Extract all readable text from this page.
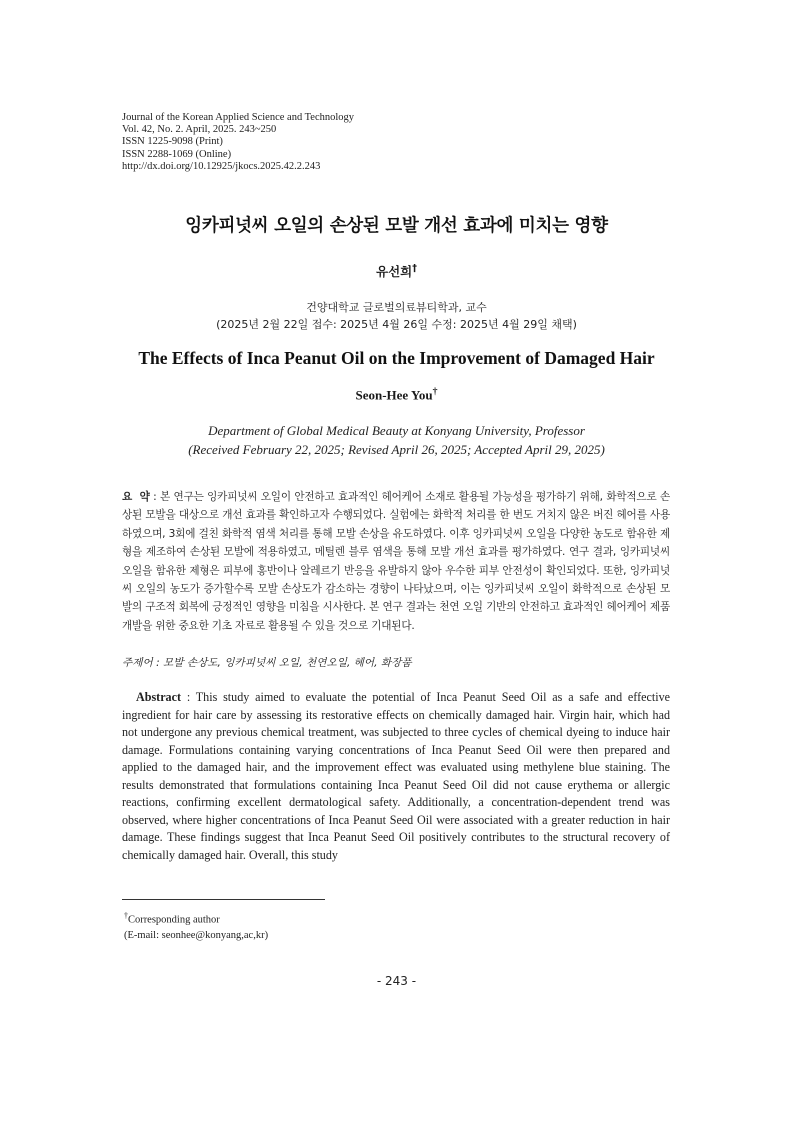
Journal of the Korean Applied Science and Technology
Vol. 42, No. 2. April, 2025. 243~250
ISSN 1225-9098 (Print)
ISSN 2288-1069 (Online)
http://dx.doi.org/10.12925/jkocs.2025.42.2.243
잉카피넛씨 오일의 손상된 모발 개선 효과에 미치는 영향
유선희†
건양대학교 글로벌의료뷰티학과, 교수
(2025년 2월 22일 접수: 2025년 4월 26일 수정: 2025년 4월 29일 채택)
The Effects of Inca Peanut Oil on the Improvement of Damaged Hair
Seon-Hee You†
Department of Global Medical Beauty at Konyang University, Professor
(Received February 22, 2025; Revised April 26, 2025; Accepted April 29, 2025)
요  약 : 본 연구는 잉카피넛씨 오일이 안전하고 효과적인 헤어케어 소재로 활용될 가능성을 평가하기 위해, 화학적으로 손상된 모발을 대상으로 개선 효과를 확인하고자 수행되었다. 실험에는 화학적 처리를 한 번도 거치지 않은 버진 헤어를 사용하였으며, 3회에 걸친 화학적 염색 처리를 통해 모발 손상을 유도하였다. 이후 잉카피넛씨 오일을 다양한 농도로 함유한 제형을 제조하여 손상된 모발에 적용하였고, 메틸렌 블루 염색을 통해 모발 개선 효과를 평가하였다. 연구 결과, 잉카피넛씨 오일을 함유한 제형은 피부에 홍반이나 알레르기 반응을 유발하지 않아 우수한 피부 안전성이 확인되었다. 또한, 잉카피넛씨 오일의 농도가 증가할수록 모발 손상도가 감소하는 경향이 나타났으며, 이는 잉카피넛씨 오일이 화학적으로 손상된 모발의 구조적 회복에 긍정적인 영향을 미침을 시사한다. 본 연구 결과는 천연 오일 기반의 안전하고 효과적인 헤어케어 제품 개발을 위한 중요한 기초 자료로 활용될 수 있을 것으로 기대된다.
주제어 : 모발 손상도, 잉카피넛씨 오일, 천연오일, 헤어, 화장품
Abstract : This study aimed to evaluate the potential of Inca Peanut Seed Oil as a safe and effective ingredient for hair care by assessing its restorative effects on chemically damaged hair. Virgin hair, which had not undergone any previous chemical treatment, was subjected to three cycles of chemical dyeing to induce hair damage. Formulations containing varying concentrations of Inca Peanut Seed Oil were then prepared and applied to the damaged hair, and the improvement effect was evaluated using methylene blue staining. The results demonstrated that formulations containing Inca Peanut Seed Oil did not cause erythema or allergic reactions, confirming excellent dermatological safety. Additionally, a concentration-dependent trend was observed, where higher concentrations of Inca Peanut Seed Oil were associated with a greater reduction in hair damage. These findings suggest that Inca Peanut Seed Oil positively contributes to the structural recovery of chemically damaged hair. Overall, this study
†Corresponding author
(E-mail: seonhee@konyang,ac,kr)
- 243 -
